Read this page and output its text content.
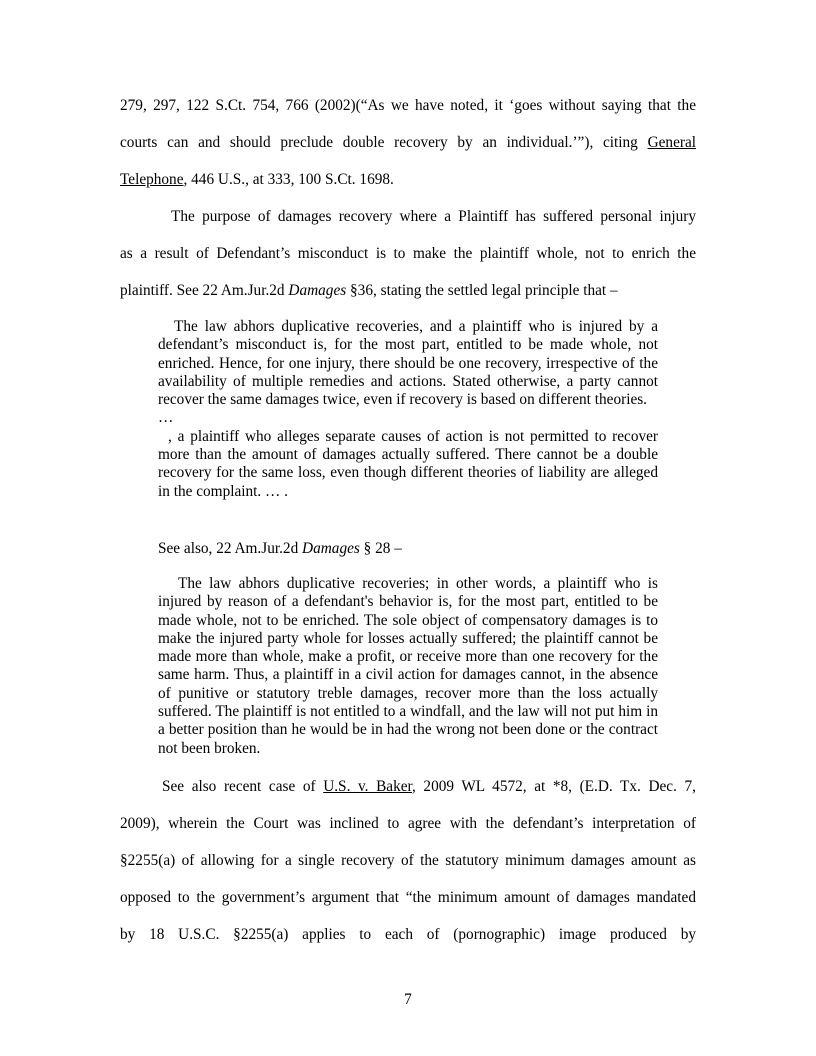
279, 297, 122 S.Ct. 754, 766 (2002)(“As we have noted, it ‘goes without saying that the
courts can and should preclude double recovery by an individual.’”), citing General
Telephone, 446 U.S., at 333, 100 S.Ct. 1698.
The purpose of damages recovery where a Plaintiff has suffered personal injury
as a result of Defendant’s misconduct is to make the plaintiff whole, not to enrich the
plaintiff. See 22 Am.Jur.2d Damages §36, stating the settled legal principle that –

The law abhors duplicative recoveries, and a plaintiff who is injured by a defendant’s misconduct is, for the most part, entitled to be made whole, not enriched. Hence, for one injury, there should be one recovery, irrespective of the availability of multiple remedies and actions. Stated otherwise, a party cannot recover the same damages twice, even if recovery is based on different theories.

…

, a plaintiff who alleges separate causes of action is not permitted to recover more than the amount of damages actually suffered. There cannot be a double recovery for the same loss, even though different theories of liability are alleged in the complaint. … .

See also, 22 Am.Jur.2d Damages § 28 –

The law abhors duplicative recoveries; in other words, a plaintiff who is injured by reason of a defendant's behavior is, for the most part, entitled to be made whole, not to be enriched. The sole object of compensatory damages is to make the injured party whole for losses actually suffered; the plaintiff cannot be made more than whole, make a profit, or receive more than one recovery for the same harm. Thus, a plaintiff in a civil action for damages cannot, in the absence of punitive or statutory treble damages, recover more than the loss actually suffered. The plaintiff is not entitled to a windfall, and the law will not put him in a better position than he would be in had the wrong not been done or the contract not been broken.

See also recent case of U.S. v. Baker, 2009 WL 4572, at *8, (E.D. Tx. Dec. 7,
2009), wherein the Court was inclined to agree with the defendant’s interpretation of
§2255(a) of allowing for a single recovery of the statutory minimum damages amount as
opposed to the government’s argument that “the minimum amount of damages mandated
by 18 U.S.C. §2255(a) applies to each of (pornographic) image produced by
7
